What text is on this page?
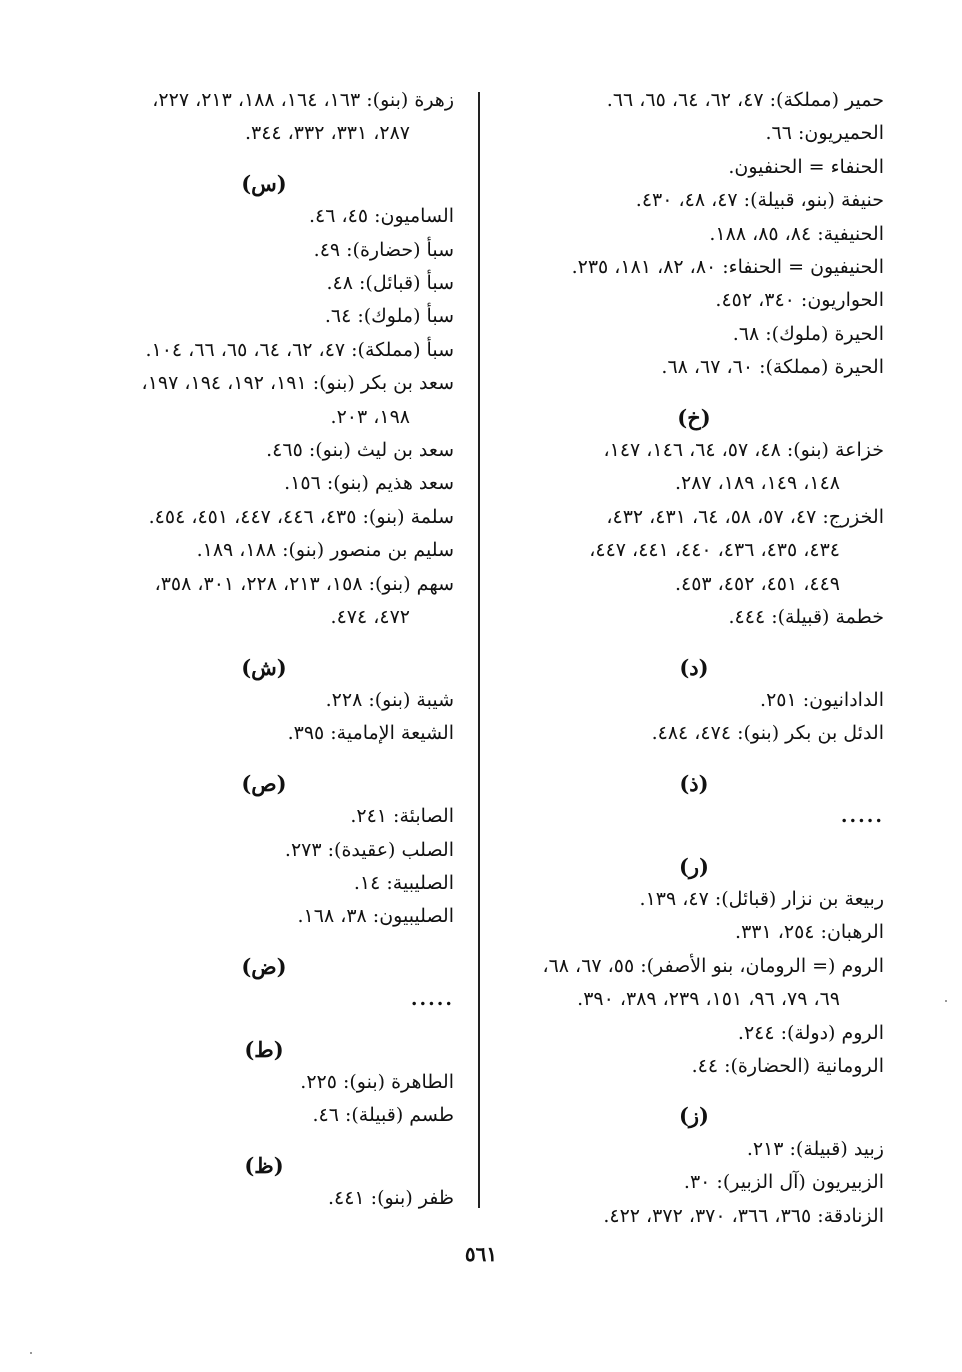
حمير (مملكة): ٤٧، ٦٢، ٦٤، ٦٥، ٦٦.
الحميريون: ٦٦.
الحنفاء = الحنفيون.
حنيفة (بنو، قبيلة): ٤٧، ٤٨، ٤٣٠.
الحنيفية: ٨٤، ٨٥، ١٨٨.
الحنيفيون = الحنفاء: ٨٠، ٨٢، ١٨١، ٢٣٥.
الحواريون: ٣٤٠، ٤٥٢.
الحيرة (ملوك): ٦٨.
الحيرة (مملكة): ٦٠، ٦٧، ٦٨.
(خ)
خزاعة (بنو): ٤٨، ٥٧، ٦٤، ١٤٦، ١٤٧،
١٤٨، ١٤٩، ١٨٩، ٢٨٧.
الخزرج: ٤٧، ٥٧، ٥٨، ٦٤، ٤٣١، ٤٣٢،
٤٣٤، ٤٣٥، ٤٣٦، ٤٤٠، ٤٤١، ٤٤٧،
٤٤٩، ٤٥١، ٤٥٢، ٤٥٣.
خطمة (قبيلة): ٤٤٤.
(د)
الدادانيون: ٢٥١.
الدئل بن بكر (بنو): ٤٧٤، ٤٨٤.
(ذ)
.....
(ر)
ربيعة بن نزار (قبائل): ٤٧، ١٣٩.
الرهبان: ٢٥٤، ٣٣١.
الروم (= الرومان، بنو الأصفر): ٥٥، ٦٧، ٦٨،
٦٩، ٧٩، ٩٦، ١٥١، ٢٣٩، ٣٨٩، ٣٩٠.
الروم (دولة): ٢٤٤.
الرومانية (الحضارة): ٤٤.
(ز)
زبيد (قبيلة): ٢١٣.
الزبيريون (آل الزبير): ٣٠.
الزنادقة: ٣٦٥، ٣٦٦، ٣٧٠، ٣٧٢، ٤٢٢.
زهرة (بنو): ١٦٣، ١٦٤، ١٨٨، ٢١٣، ٢٢٧،
٢٨٧، ٣٣١، ٣٣٢، ٣٤٤.
(س)
الساميون: ٤٥، ٤٦.
سبأ (حضارة): ٤٩.
سبأ (قبائل): ٤٨.
سبأ (ملوك): ٦٤.
سبأ (مملكة): ٤٧، ٦٢، ٦٤، ٦٥، ٦٦، ١٠٤.
سعد بن بكر (بنو): ١٩١، ١٩٢، ١٩٤، ١٩٧،
١٩٨، ٢٠٣.
سعد بن ليث (بنو): ٤٦٥.
سعد هذيم (بنو): ١٥٦.
سلمة (بنو): ٤٣٥، ٤٤٦، ٤٤٧، ٤٥١، ٤٥٤.
سليم بن منصور (بنو): ١٨٨، ١٨٩.
سهم (بنو): ١٥٨، ٢١٣، ٢٢٨، ٣٠١، ٣٥٨،
٤٧٢، ٤٧٤.
(ش)
شيبة (بنو): ٢٢٨.
الشيعة الإمامية: ٣٩٥.
(ص)
الصابئة: ٢٤١.
الصلب (عقيدة): ٢٧٣.
الصليبية: ١٤.
الصليبيون: ٣٨، ١٦٨.
(ض)
.....
(ط)
الطاهرة (بنو): ٢٢٥.
طسم (قبيلة): ٤٦.
(ظ)
ظفر (بنو): ٤٤١.
٥٦١
